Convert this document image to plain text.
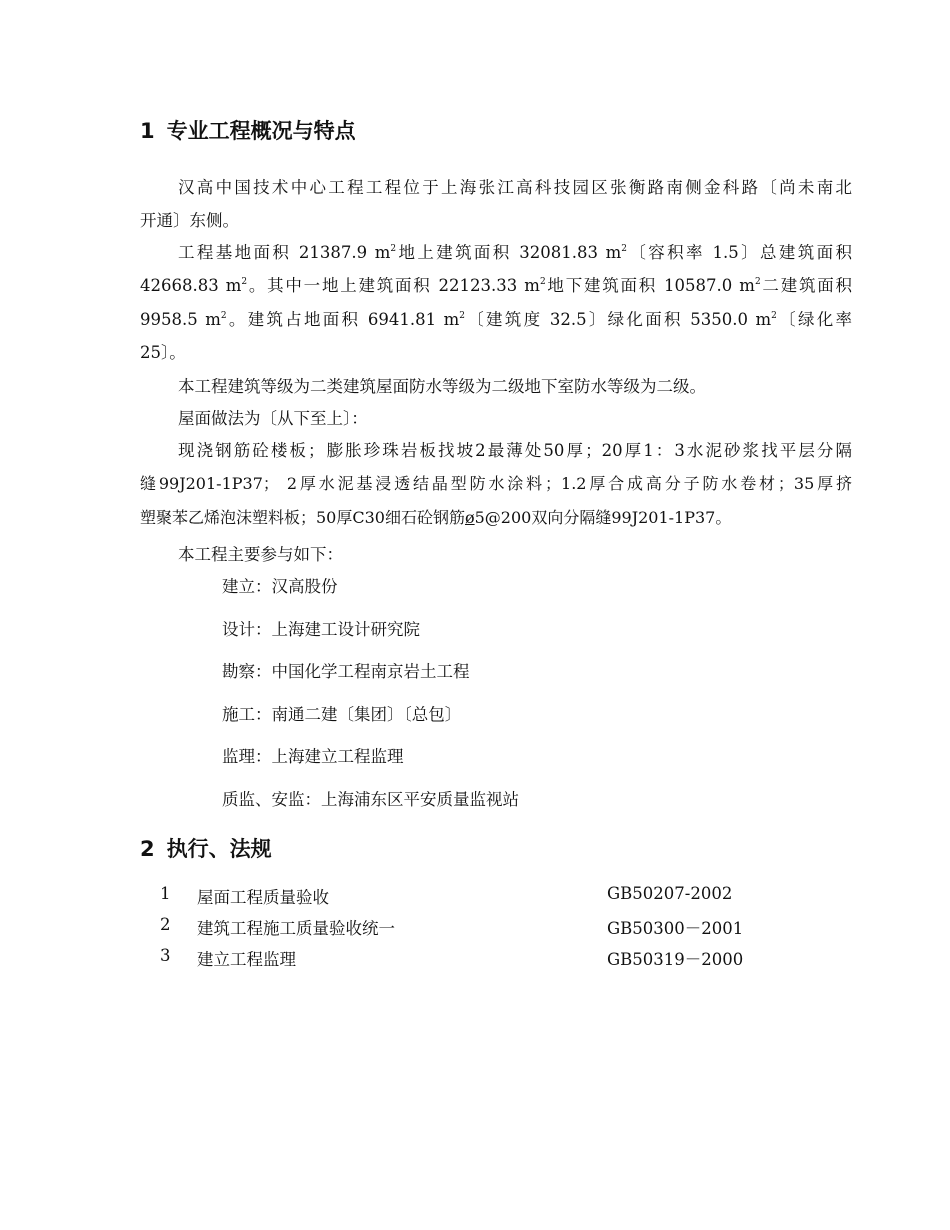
1 专业工程概况与特点
汉高中国技术中心工程工程位于上海张江高科技园区张衡路南侧金科路〔尚未南北
开通〕东侧。
工程基地面积 21387.9 $m^2$地上建筑面积 32081.83 $m^2$〔容积率 1.5〕总建筑面积
42668.83 $m^2$。其中一地上建筑面积 22123.33 $m^2$地下建筑面积 10587.0 $m^2$二建筑面积
9958.5 $m^2$。建筑占地面积 6941.81 $m^2$〔建筑度 32.5〕绿化面积 5350.0 $m^2$〔绿化率
25〕。
本工程建筑等级为二类建筑屋面防水等级为二级地下室防水等级为二级。
屋面做法为〔从下至上〕：
现浇钢筋砼楼板；膨胀珍珠岩板找坡2最薄处50厚；20厚1：3水泥砂浆找平层分隔
缝99J201-1P37； 2厚水泥基浸透结晶型防水涂料；1.2厚合成高分子防水卷材；35厚挤
塑聚苯乙烯泡沫塑料板；50厚C30细石砼钢筋ø5@200双向分隔缝99J201-1P37。
本工程主要参与如下：
建立：汉高股份
设计：上海建工设计研究院
勘察：中国化学工程南京岩土工程
施工：南通二建〔集团〕〔总包〕
监理：上海建立工程监理
质监、安监：上海浦东区平安质量监视站
2 执行、法规
1 屋面工程质量验收	GB50207-2002
2 建筑工程施工质量验收统一	GB50300－2001
3 建立工程监理	GB50319－2000
